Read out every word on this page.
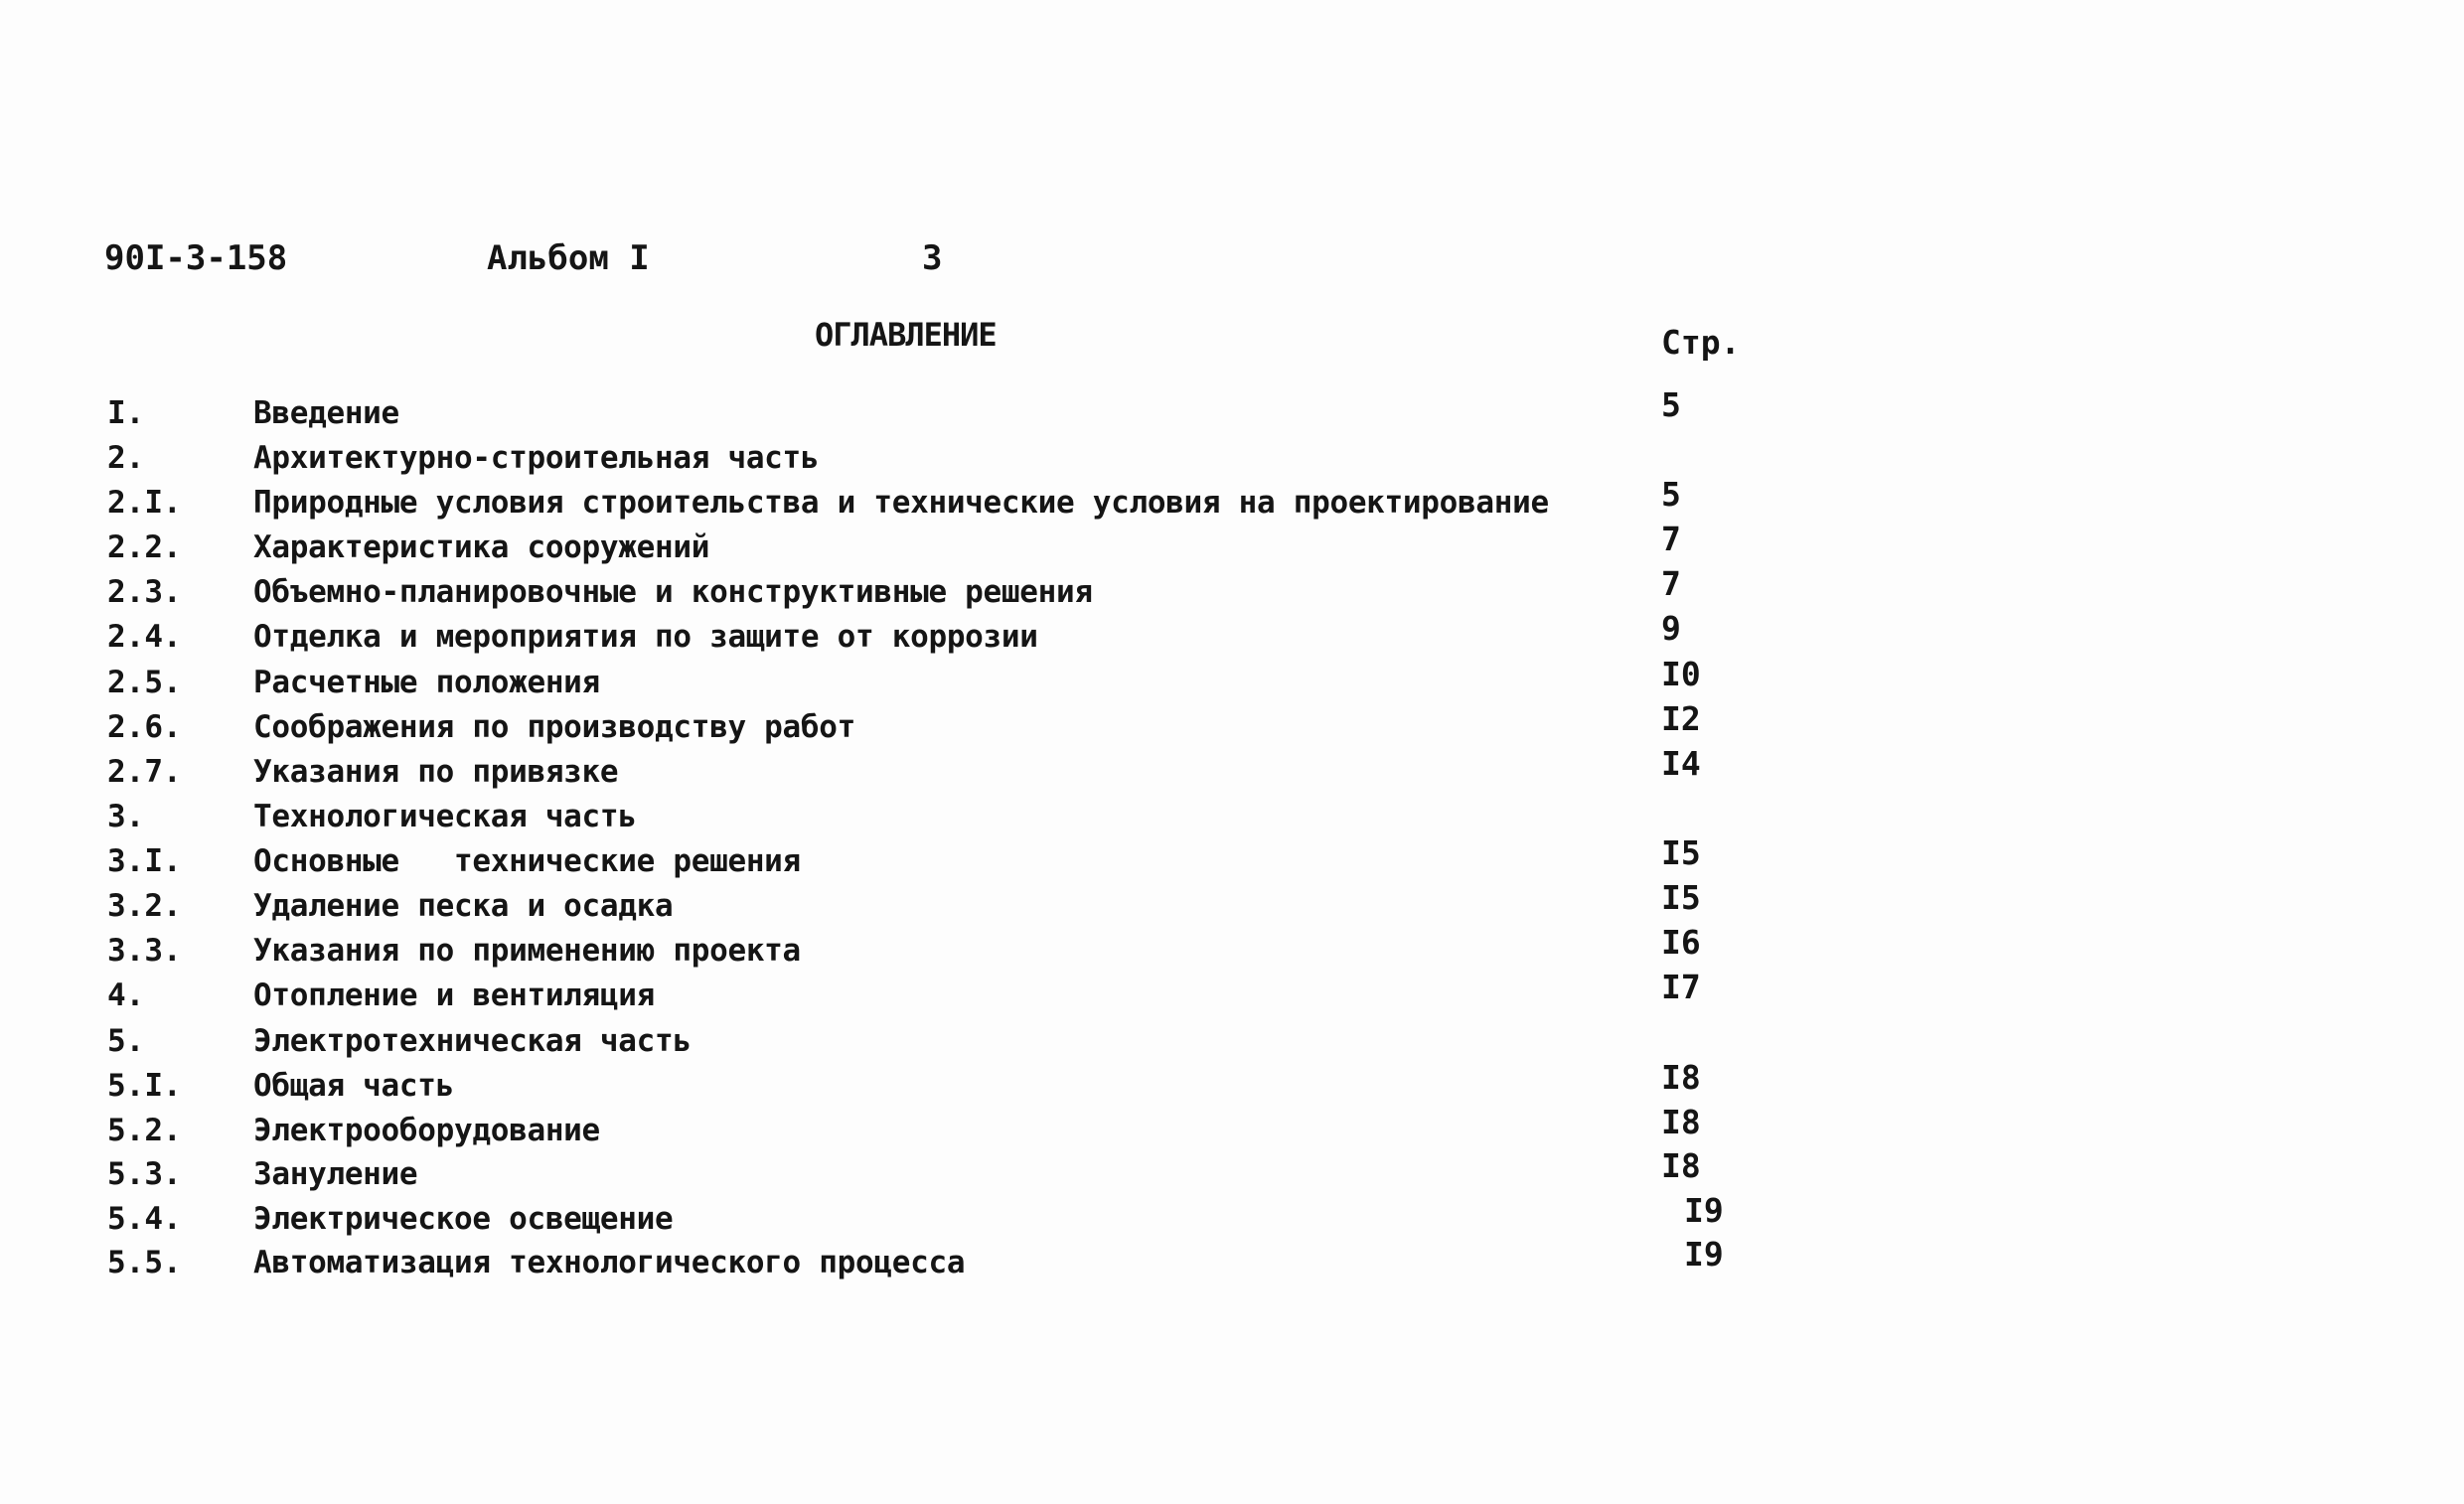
90I-3-158	Альбом I	3
ОГЛАВЛЕНИЕ	Стр.
I.	Введение	5
2.	Архитектурно-строительная часть
2.I. Природные условия строительства и технические условия на проектирование	5
2.2. Характеристика сооружений	7
2.3. Объемно-планировочные и конструктивные решения	7
2.4. Отделка и мероприятия по защите от коррозии	9
2.5. Расчетные положения	I0
2.6. Соображения по производству работ	I2
2.7. Указания по привязке	I4
3.	Технологическая часть
3.I. Основные   технические решения	I5
3.2. Удаление песка и осадка	I5
3.3. Указания по применению проекта	I6
4.	Отопление и вентиляция	I7
5.	Электротехническая часть
5.I. Общая часть	I8
5.2. Электрооборудование	I8
5.3. Зануление	I8
5.4. Электрическое освещение	I9
5.5. Автоматизация технологического процесса	I9
